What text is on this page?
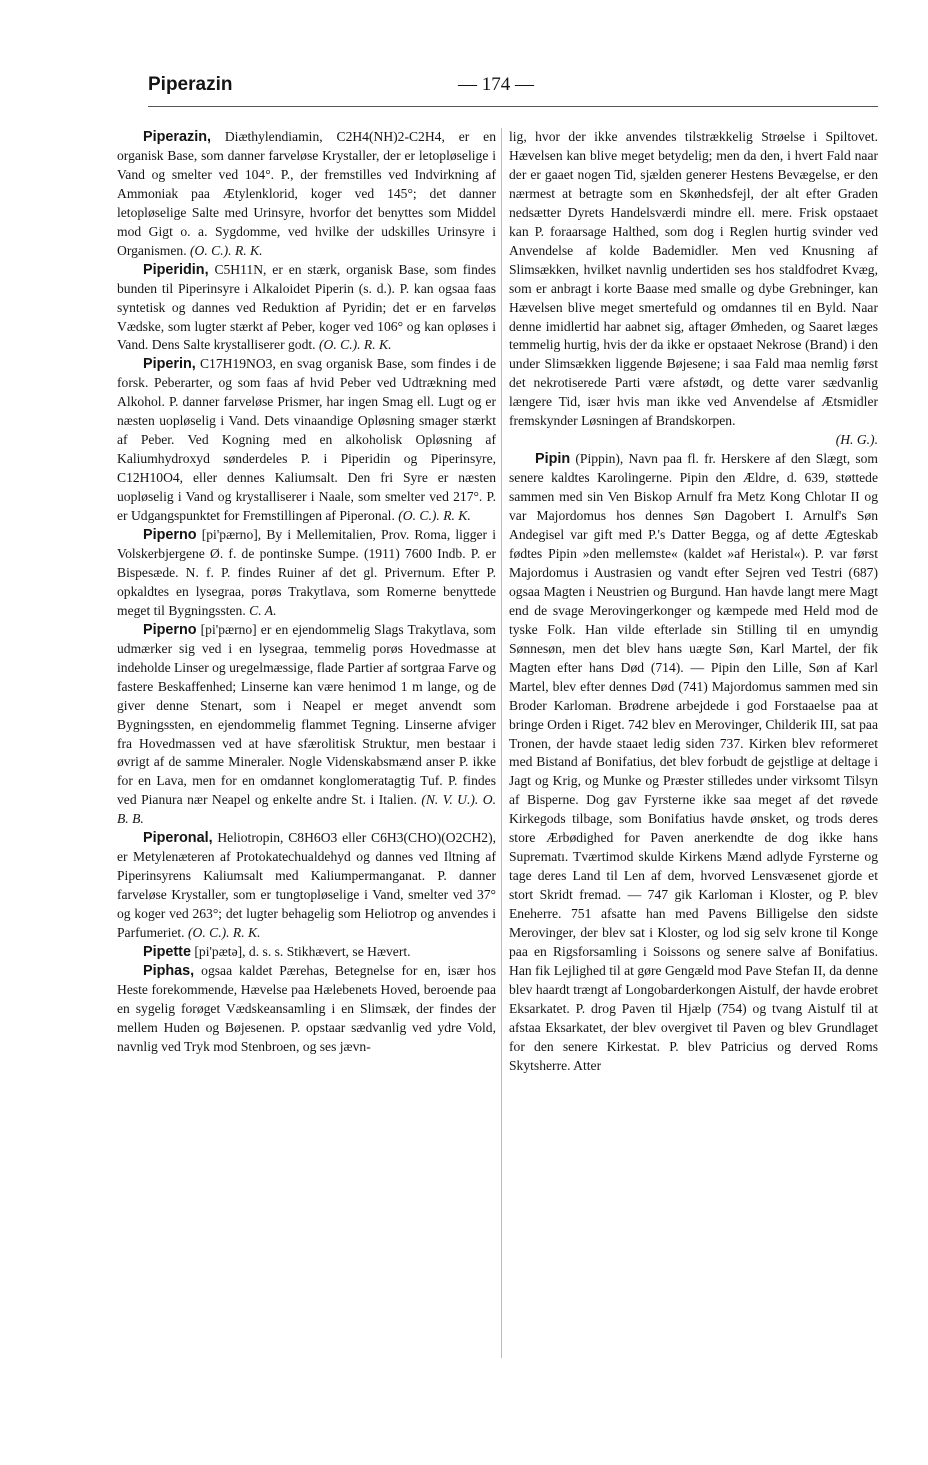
Piperazin	— 174 —

Piperazin, Diæthylendiamin, C2H4(NH)2-C2H4, er en organisk Base, som danner farveløse Krystaller, der er letopløselige i Vand og smelter ved 104°. P., der fremstilles ved Indvirkning af Ammoniak paa Ætylenklorid, koger ved 145°; det danner letopløselige Salte med Urinsyre, hvorfor det benyttes som Middel mod Gigt o. a. Sygdomme, ved hvilke der udskilles Urinsyre i Organismen. (O. C.). R. K.

Piperidin, C5H11N, er en stærk, organisk Base, som findes bunden til Piperinsyre i Alkaloidet Piperin (s. d.). P. kan ogsaa faas syntetisk og dannes ved Reduktion af Pyridin; det er en farveløs Vædske, som lugter stærkt af Peber, koger ved 106° og kan opløses i Vand. Dens Salte krystalliserer godt. (O. C.). R. K.

Piperin, C17H19NO3, en svag organisk Base, som findes i de forsk. Peberarter, og som faas af hvid Peber ved Udtrækning med Alkohol. P. danner farveløse Prismer, har ingen Smag ell. Lugt og er næsten uopløselig i Vand. Dets vinaandige Opløsning smager stærkt af Peber. Ved Kogning med en alkoholisk Opløsning af Kaliumhydroxyd sønderdeles P. i Piperidin og Piperinsyre, C12H10O4, eller dennes Kaliumsalt. Den fri Syre er næsten uopløselig i Vand og krystalliserer i Naale, som smelter ved 217°. P. er Udgangspunktet for Fremstillingen af Piperonal. (O. C.). R. K.

Piperno [pi'pærno], By i Mellemitalien, Prov. Roma, ligger i Volskerbjergene Ø. f. de pontinske Sumpe. (1911) 7600 Indb. P. er Bispesæde. N. f. P. findes Ruiner af det gl. Privernum. Efter P. opkaldtes en lysegraa, porøs Trakytlava, som Romerne benyttede meget til Bygningssten. C. A.

Piperno [pi'pærno] er en ejendommelig Slags Trakytlava, som udmærker sig ved i en lysegraa, temmelig porøs Hovedmasse at indeholde Linser og uregelmæssige, flade Partier af sortgraa Farve og fastere Beskaffenhed; Linserne kan være henimod 1 m lange, og de giver denne Stenart, som i Neapel er meget anvendt som Bygningssten, en ejendommelig flammet Tegning. Linserne afviger fra Hovedmassen ved at have sfærolitisk Struktur, men bestaar i øvrigt af de samme Mineraler. Nogle Videnskabsmænd anser P. ikke for en Lava, men for en omdannet konglomeratagtig Tuf. P. findes ved Pianura nær Neapel og enkelte andre St. i Italien. (N. V. U.). O. B. B.

Piperonal, Heliotropin, C8H6O3 eller C6H3(CHO)(O2CH2), er Metylenæteren af Protokatechualdehyd og dannes ved Iltning af Piperinsyrens Kaliumsalt med Kaliumpermanganat. P. danner farveløse Krystaller, som er tungtopløselige i Vand, smelter ved 37° og koger ved 263°; det lugter behagelig som Heliotrop og anvendes i Parfumeriet. (O. C.). R. K.

Pipette [pi'pætə], d. s. s. Stikhævert, se Hævert.

Piphas, ogsaa kaldet Pærehas, Betegnelse for en, især hos Heste forekommende, Hævelse paa Hælebenets Hoved, beroende paa en sygelig forøget Vædskeansamling i en Slimsæk, der findes der mellem Huden og Bøjesenen. P. opstaar sædvanlig ved ydre Vold, navnlig ved Tryk mod Stenbroen, og ses jævn-

lig, hvor der ikke anvendes tilstrækkelig Strøelse i Spiltovet. Hævelsen kan blive meget betydelig; men da den, i hvert Fald naar der er gaaet nogen Tid, sjælden generer Hestens Bevægelse, er den nærmest at betragte som en Skønhedsfejl, der alt efter Graden nedsætter Dyrets Handelsværdi mindre ell. mere. Frisk opstaaet kan P. foraarsage Halthed, som dog i Reglen hurtig svinder ved Anvendelse af kolde Bademidler. Men ved Knusning af Slimsækken, hvilket navnlig undertiden ses hos staldfodret Kvæg, som er anbragt i korte Baase med smalle og dybe Grebninger, kan Hævelsen blive meget smertefuld og omdannes til en Byld. Naar denne imidlertid har aabnet sig, aftager Ømheden, og Saaret læges temmelig hurtig, hvis der da ikke er opstaaet Nekrose (Brand) i den under Slimsækken liggende Bøjesene; i saa Fald maa nemlig først det nekrotiserede Parti være afstødt, og dette varer sædvanlig længere Tid, især hvis man ikke ved Anvendelse af Ætsmidler fremskynder Løsningen af Brandskorpen.

(H. G.).

Pipin (Pippin), Navn paa fl. fr. Herskere af den Slægt, som senere kaldtes Karolingerne. Pipin den Ældre, d. 639, støttede sammen med sin Ven Biskop Arnulf fra Metz Kong Chlotar II og var Majordomus hos dennes Søn Dagobert I. Arnulf's Søn Andegisel var gift med P.'s Datter Begga, og af dette Ægteskab fødtes Pipin »den mellemste« (kaldet »af Heristal«). P. var først Majordomus i Austrasien og vandt efter Sejren ved Testri (687) ogsaa Magten i Neustrien og Burgund. Han havde langt mere Magt end de svage Merovingerkonger og kæmpede med Held mod de tyske Folk. Han vilde efterlade sin Stilling til en umyndig Sønnesøn, men det blev hans uægte Søn, Karl Martel, der fik Magten efter hans Død (714). — Pipin den Lille, Søn af Karl Martel, blev efter dennes Død (741) Majordomus sammen med sin Broder Karloman. Brødrene arbejdede i god Forstaaelse paa at bringe Orden i Riget. 742 blev en Merovinger, Childerik III, sat paa Tronen, der havde staaet ledig siden 737. Kirken blev reformeret med Bistand af Bonifatius, det blev forbudt de gejstlige at deltage i Jagt og Krig, og Munke og Præster stilledes under virksomt Tilsyn af Bisperne. Dog gav Fyrsterne ikke saa meget af det røvede Kirkegods tilbage, som Bonifatius havde ønsket, og trods deres store Ærbødighed for Paven anerkendte de dog ikke hans Suprematı. Tværtimod skulde Kirkens Mænd adlyde Fyrsterne og tage deres Land til Len af dem, hvorved Lensvæsenet gjorde et stort Skridt fremad. — 747 gik Karloman i Kloster, og P. blev Eneherre. 751 afsatte han med Pavens Billigelse den sidste Merovinger, der blev sat i Kloster, og lod sig selv krone til Konge paa en Rigsforsamling i Soissons og senere salve af Bonifatius. Han fik Lejlighed til at gøre Gengæld mod Pave Stefan II, da denne blev haardt trængt af Longobarderkongen Aistulf, der havde erobret Eksarkatet. P. drog Paven til Hjælp (754) og tvang Aistulf til at afstaa Eksarkatet, der blev overgivet til Paven og blev Grundlaget for den senere Kirkestat. P. blev Patricius og derved Roms Skytsherre. Atter
